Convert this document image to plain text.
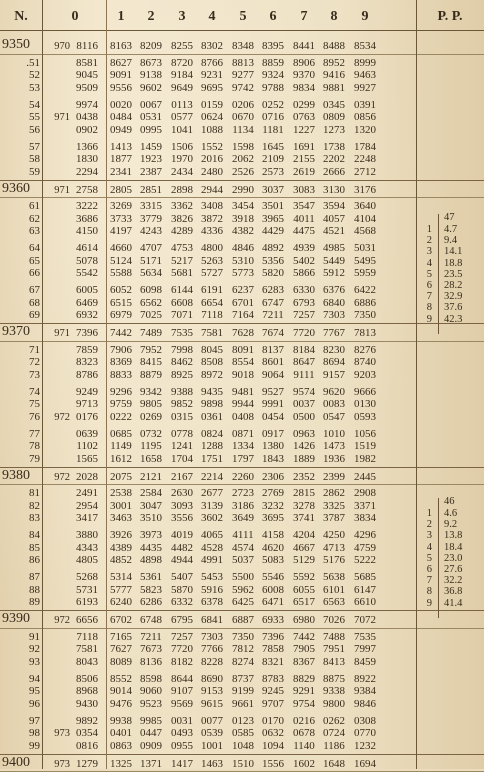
N.	0	1	2	3	4	5	6	7	8	9	P. P.
9350	970 8116	8163 8209 8255 8302 8348 8395 8441 8488 8534
.51	8581	8627 8673 8720 8766 8813 8859 8906 8952 8999
52	9045	9091 9138 9184 9231 9277 9324 9370 9416 9463
53	9509	9556 9602 9649 9695 9742 9788 9834 9881 9927
54	9974	0020 0067 0113 0159 0206 0252 0299 0345 0391
55	971 0438	0484 0531 0577 0624 0670 0716 0763 0809 0856
56	0902	0949 0995 1041 1088 1134 1181 1227 1273 1320
57	1366	1413 1459 1506 1552 1598 1645 1691 1738 1784
58	1830	1877 1923 1970 2016 2062 2109 2155 2202 2248
59	2294	2341 2387 2434 2480 2526 2573 2619 2666 2712
9360	971 2758	2805 2851 2898 2944 2990 3037 3083 3130 3176
61	3222	3269 3315 3362 3408 3454 3501 3547 3594 3640
62	3686	3733 3779 3826 3872 3918 3965 4011 4057 4104
63	4150	4197 4243 4289 4336 4382 4429 4475 4521 4568
64	4614	4660 4707 4753 4800 4846 4892 4939 4985 5031
65	5078	5124 5171 5217 5263 5310 5356 5402 5449 5495
66	5542	5588 5634 5681 5727 5773 5820 5866 5912 5959
67	6005	6052 6098 6144 6191 6237 6283 6330 6376 6422
68	6469	6515 6562 6608 6654 6701 6747 6793 6840 6886
69	6932	6979 7025 7071 7118 7164 7211 7257 7303 7350
9370	971 7396	7442 7489 7535 7581 7628 7674 7720 7767 7813
71	7859	7906 7952 7998 8045 8091 8137 8184 8230 8276
72	8323	8369 8415 8462 8508 8554 8601 8647 8694 8740
73	8786	8833 8879 8925 8972 9018 9064 9111 9157 9203
74	9249	9296 9342 9388 9435 9481 9527 9574 9620 9666
75	9713	9759 9805 9852 9898 9944 9991 0037 0083 0130
76	972 0176	0222 0269 0315 0361 0408 0454 0500 0547 0593
77	0639	0685 0732 0778 0824 0871 0917 0963 1010 1056
78	1102	1149 1195 1241 1288 1334 1380 1426 1473 1519
79	1565	1612 1658 1704 1751 1797 1843 1889 1936 1982
9380	972 2028	2075 2121 2167 2214 2260 2306 2352 2399 2445
81	2491	2538 2584 2630 2677 2723 2769 2815 2862 2908
82	2954	3001 3047 3093 3139 3186 3232 3278 3325 3371
83	3417	3463 3510 3556 3602 3649 3695 3741 3787 3834
84	3880	3926 3973 4019 4065 4111 4158 4204 4250 4296
85	4343	4389 4435 4482 4528 4574 4620 4667 4713 4759
86	4805	4852 4898 4944 4991 5037 5083 5129 5176 5222
87	5268	5314 5361 5407 5453 5500 5546 5592 5638 5685
88	5731	5777 5823 5870 5916 5962 6008 6055 6101 6147
89	6193	6240 6286 6332 6378 6425 6471 6517 6563 6610
9390	972 6656	6702 6748 6795 6841 6887 6933 6980 7026 7072
91	7118	7165 7211 7257 7303 7350 7396 7442 7488 7535
92	7581	7627 7673 7720 7766 7812 7858 7905 7951 7997
93	8043	8089 8136 8182 8228 8274 8321 8367 8413 8459
94	8506	8552 8598 8644 8690 8737 8783 8829 8875 8922
95	8968	9014 9060 9107 9153 9199 9245 9291 9338 9384
96	9430	9476 9523 9569 9615 9661 9707 9754 9800 9846
97	9892	9938 9985 0031 0077 0123 0170 0216 0262 0308
98	973 0354	0401 0447 0493 0539 0585 0632 0678 0724 0770
99	0816	0863 0909 0955 1001 1048 1094 1140 1186 1232
9400	973 1279	1325 1371 1417 1463 1510 1556 1602 1648 1694
47
1 4.7
2 9.4
3 14.1
4 18.8
5 23.5
6 28.2
7 32.9
8 37.6
9 42.3
46
1 4.6
2 9.2
3 13.8
4 18.4
5 23.0
6 27.6
7 32.2
8 36.8
9 41.4
